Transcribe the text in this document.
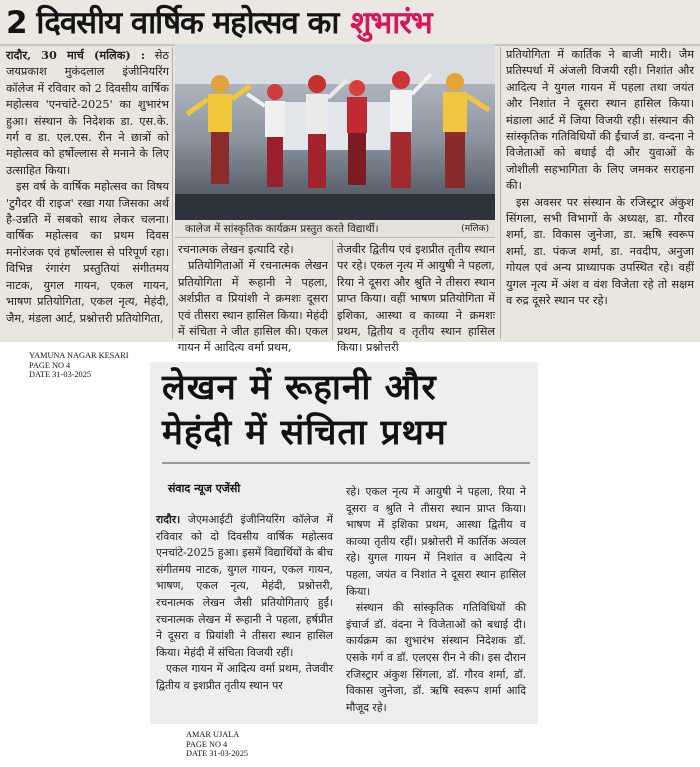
2 दिवसीय वार्षिक महोत्सव का शुभारंभ

रादौर, 30 मार्च (मलिक) : सेठ जयप्रकाश मुकंदलाल इंजीनियरिंग कॉलेज में रविवार को 2 दिवसीय वार्षिक महोत्सव 'एनचांटे-2025' का शुभारंभ हुआ। संस्थान के निदेशक डा. एस.के. गर्ग व डा. एल.एस. रीन ने छात्रों को महोत्सव को हर्षोल्लास से मनाने के लिए उत्साहित किया।

इस वर्ष के वार्षिक महोत्सव का विषय 'टुगैदर वी राइज' रखा गया जिसका अर्थ है-उन्नति में सबको साथ लेकर चलना। वार्षिक महोत्सव का प्रथम दिवस मनोरंजक एवं हर्षोल्लास से परिपूर्ण रहा। विभिन्न रंगारंग प्रस्तुतियां संगीतमय नाटक, युगल गायन, एकल गायन, भाषण प्रतियोगिता, एकल नृत्य, मेहंदी, जैम, मंडला आर्ट, प्रश्नोत्तरी प्रतियोगिता,

कालेज में सांस्कृतिक कार्यक्रम प्रस्तुत करते विद्यार्थी।	(मलिक)

रचनात्मक लेखन इत्यादि रहे।

प्रतियोगिताओं में रचनात्मक लेखन प्रतियोगिता में रूहानी ने पहला, अर्शप्रीत व प्रियांशी ने क्रमशः दूसरा एवं तीसरा स्थान हासिल किया। मेहंदी में संचिता ने जीत हासिल की। एकल गायन में आदित्य वर्मा प्रथम,

तेजवीर द्वितीय एवं इशप्रीत तृतीय स्थान पर रहे। एकल नृत्य में आयुषी ने पहला, रिया ने दूसरा और श्रुति ने तीसरा स्थान प्राप्त किया। वहीं भाषण प्रतियोगिता में इशिका, आस्था व काव्या ने क्रमशः प्रथम, द्वितीय व तृतीय स्थान हासिल किया। प्रश्नोत्तरी

प्रतियोगिता में कार्तिक ने बाजी मारी। जैम प्रतिस्पर्धा में अंजली विजयी रही। निशांत और आदित्य ने युगल गायन में पहला तथा जयंत और निशांत ने दूसरा स्थान हासिल किया। मंडाला आर्ट में जिया विजयी रही। संस्थान की सांस्कृतिक गतिविधियों की ईंचार्ज डा. वन्दना ने विजेताओं को बधाई दी और युवाओं के जोशीली सहभागिता के लिए जमकर सराहना की।

इस अवसर पर संस्थान के रजिस्ट्रार अंकुश सिंगला, सभी विभागों के अध्यक्ष, डा. गौरव शर्मा, डा. विकास जुनेजा, डा. ऋषि स्वरूप शर्मा, डा. पंकज शर्मा, डा. नवदीप, अनुजा गोयल एवं अन्य प्राध्यापक उपस्थित रहे। वहीं युगल नृत्य में अंश व वंश विजेता रहे तो सक्षम व रुद्र दूसरे स्थान पर रहे।

YAMUNA NAGAR KESARI
PAGE NO 4
DATE 31-03-2025	लेखन में रूहानी और
मेहंदी में संचिता प्रथम
संवाद न्यूज एजेंसी

रादौर। जेएमआईटी इंजीनियरिंग कॉलेज में रविवार को दो दिवसीय वार्षिक महोत्सव एनचांटे-2025 हुआ। इसमें विद्यार्थियों के बीच संगीतमय नाटक, युगल गायन, एकल गायन, भाषण, एकल नृत्य, मेहंदी, प्रश्नोत्तरी, रचनात्मक लेखन जैसी प्रतियोगिताएं हुईं। रचनात्मक लेखन में रूहानी ने पहला, हर्षप्रीत ने दूसरा व प्रियांशी ने तीसरा स्थान हासिल किया। मेहंदी में संचिता विजयी रहीं।

एकल गायन में आदित्य वर्मा प्रथम, तेजवीर द्वितीय व इशप्रीत तृतीय स्थान पर

रहे। एकल नृत्य में आयुषी ने पहला, रिया ने दूसरा व श्रुति ने तीसरा स्थान प्राप्त किया। भाषण में इशिका प्रथम, आस्था द्वितीय व काव्या तृतीय रहीं। प्रश्नोत्तरी में कार्तिक अव्वल रहे। युगल गायन में निशांत व आदित्य ने पहला, जयंत व निशांत ने दूसरा स्थान हासिल किया।

संस्थान की सांस्कृतिक गतिविधियों की इंचार्ज डॉ. वंदना ने विजेताओं को बधाई दी। कार्यक्रम का शुभारंभ संस्थान निदेशक डॉ. एसके गर्ग व डॉ. एलएस रीन ने की। इस दौरान रजिस्ट्रार अंकुश सिंगला, डॉ. गौरव शर्मा, डॉ. विकास जुनेजा, डॉ. ऋषि स्वरूप शर्मा आदि मौजूद रहे।

AMAR UJALA
PAGE NO 4
DATE 31-03-2025
